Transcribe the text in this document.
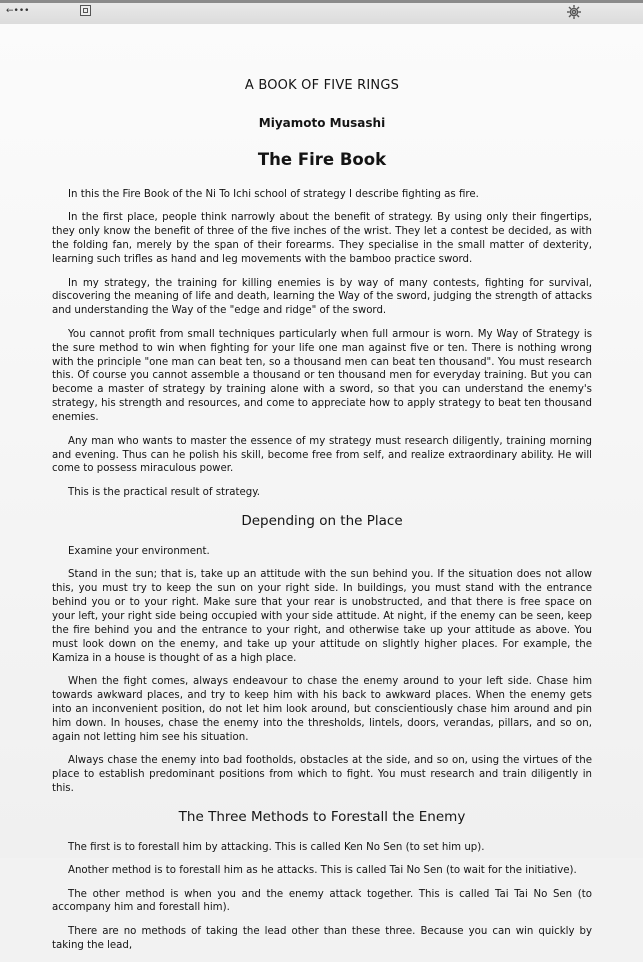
←•••
A BOOK OF FIVE RINGS
Miyamoto Musashi
The Fire Book

In this the Fire Book of the Ni To Ichi school of strategy I describe fighting as fire.

In the first place, people think narrowly about the benefit of strategy. By using only their fingertips, they only know the benefit of three of the five inches of the wrist. They let a contest be decided, as with the folding fan, merely by the span of their forearms. They specialise in the small matter of dexterity, learning such trifles as hand and leg movements with the bamboo practice sword.

In my strategy, the training for killing enemies is by way of many contests, fighting for survival, discovering the meaning of life and death, learning the Way of the sword, judging the strength of attacks and understanding the Way of the "edge and ridge" of the sword.

You cannot profit from small techniques particularly when full armour is worn. My Way of Strategy is the sure method to win when fighting for your life one man against five or ten. There is nothing wrong with the principle "one man can beat ten, so a thousand men can beat ten thousand". You must research this. Of course you cannot assemble a thousand or ten thousand men for everyday training. But you can become a master of strategy by training alone with a sword, so that you can understand the enemy's strategy, his strength and resources, and come to appreciate how to apply strategy to beat ten thousand enemies.

Any man who wants to master the essence of my strategy must research diligently, training morning and evening. Thus can he polish his skill, become free from self, and realize extraordinary ability. He will come to possess miraculous power.

This is the practical result of strategy.

Depending on the Place

Examine your environment.

Stand in the sun; that is, take up an attitude with the sun behind you. If the situation does not allow this, you must try to keep the sun on your right side. In buildings, you must stand with the entrance behind you or to your right. Make sure that your rear is unobstructed, and that there is free space on your left, your right side being occupied with your side attitude. At night, if the enemy can be seen, keep the fire behind you and the entrance to your right, and otherwise take up your attitude as above. You must look down on the enemy, and take up your attitude on slightly higher places. For example, the Kamiza in a house is thought of as a high place.

When the fight comes, always endeavour to chase the enemy around to your left side. Chase him towards awkward places, and try to keep him with his back to awkward places. When the enemy gets into an inconvenient position, do not let him look around, but conscientiously chase him around and pin him down. In houses, chase the enemy into the thresholds, lintels, doors, verandas, pillars, and so on, again not letting him see his situation.

Always chase the enemy into bad footholds, obstacles at the side, and so on, using the virtues of the place to establish predominant positions from which to fight. You must research and train diligently in this.

The Three Methods to Forestall the Enemy

The first is to forestall him by attacking. This is called Ken No Sen (to set him up).

Another method is to forestall him as he attacks. This is called Tai No Sen (to wait for the initiative).

The other method is when you and the enemy attack together. This is called Tai Tai No Sen (to accompany him and forestall him).

There are no methods of taking the lead other than these three. Because you can win quickly by taking the lead,
